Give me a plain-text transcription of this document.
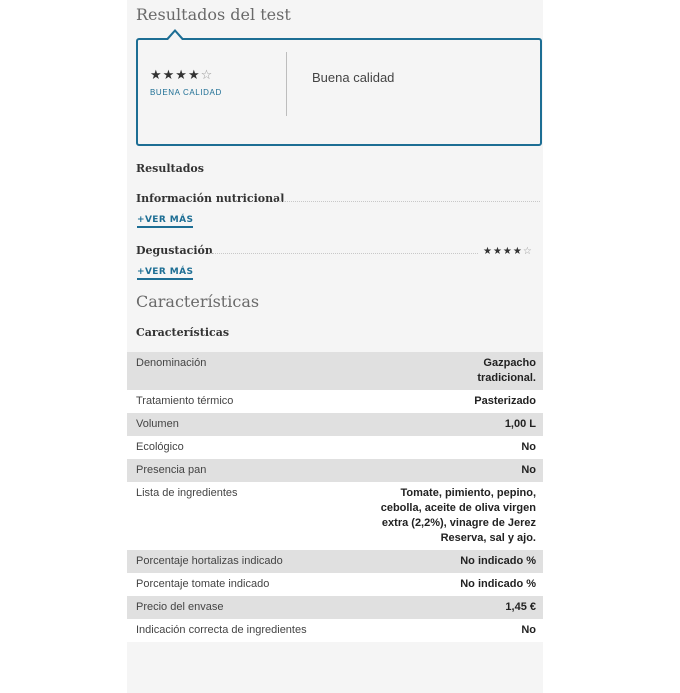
Resultados del test
★★★★☆
BUENA CALIDAD
Buena calidad
Resultados
Información nutricional
+VER MÁS
Degustación	★★★★☆
+VER MÁS
Características
Características
Denominación	Gazpacho tradicional.
Tratamiento térmico	Pasterizado
Volumen	1,00 L
Ecológico	No
Presencia pan	No
Lista de ingredientes	Tomate, pimiento, pepino, cebolla, aceite de oliva virgen extra (2,2%), vinagre de Jerez Reserva, sal y ajo.
Porcentaje hortalizas indicado	No indicado %
Porcentaje tomate indicado	No indicado %
Precio del envase	1,45 €
Indicación correcta de ingredientes	No
